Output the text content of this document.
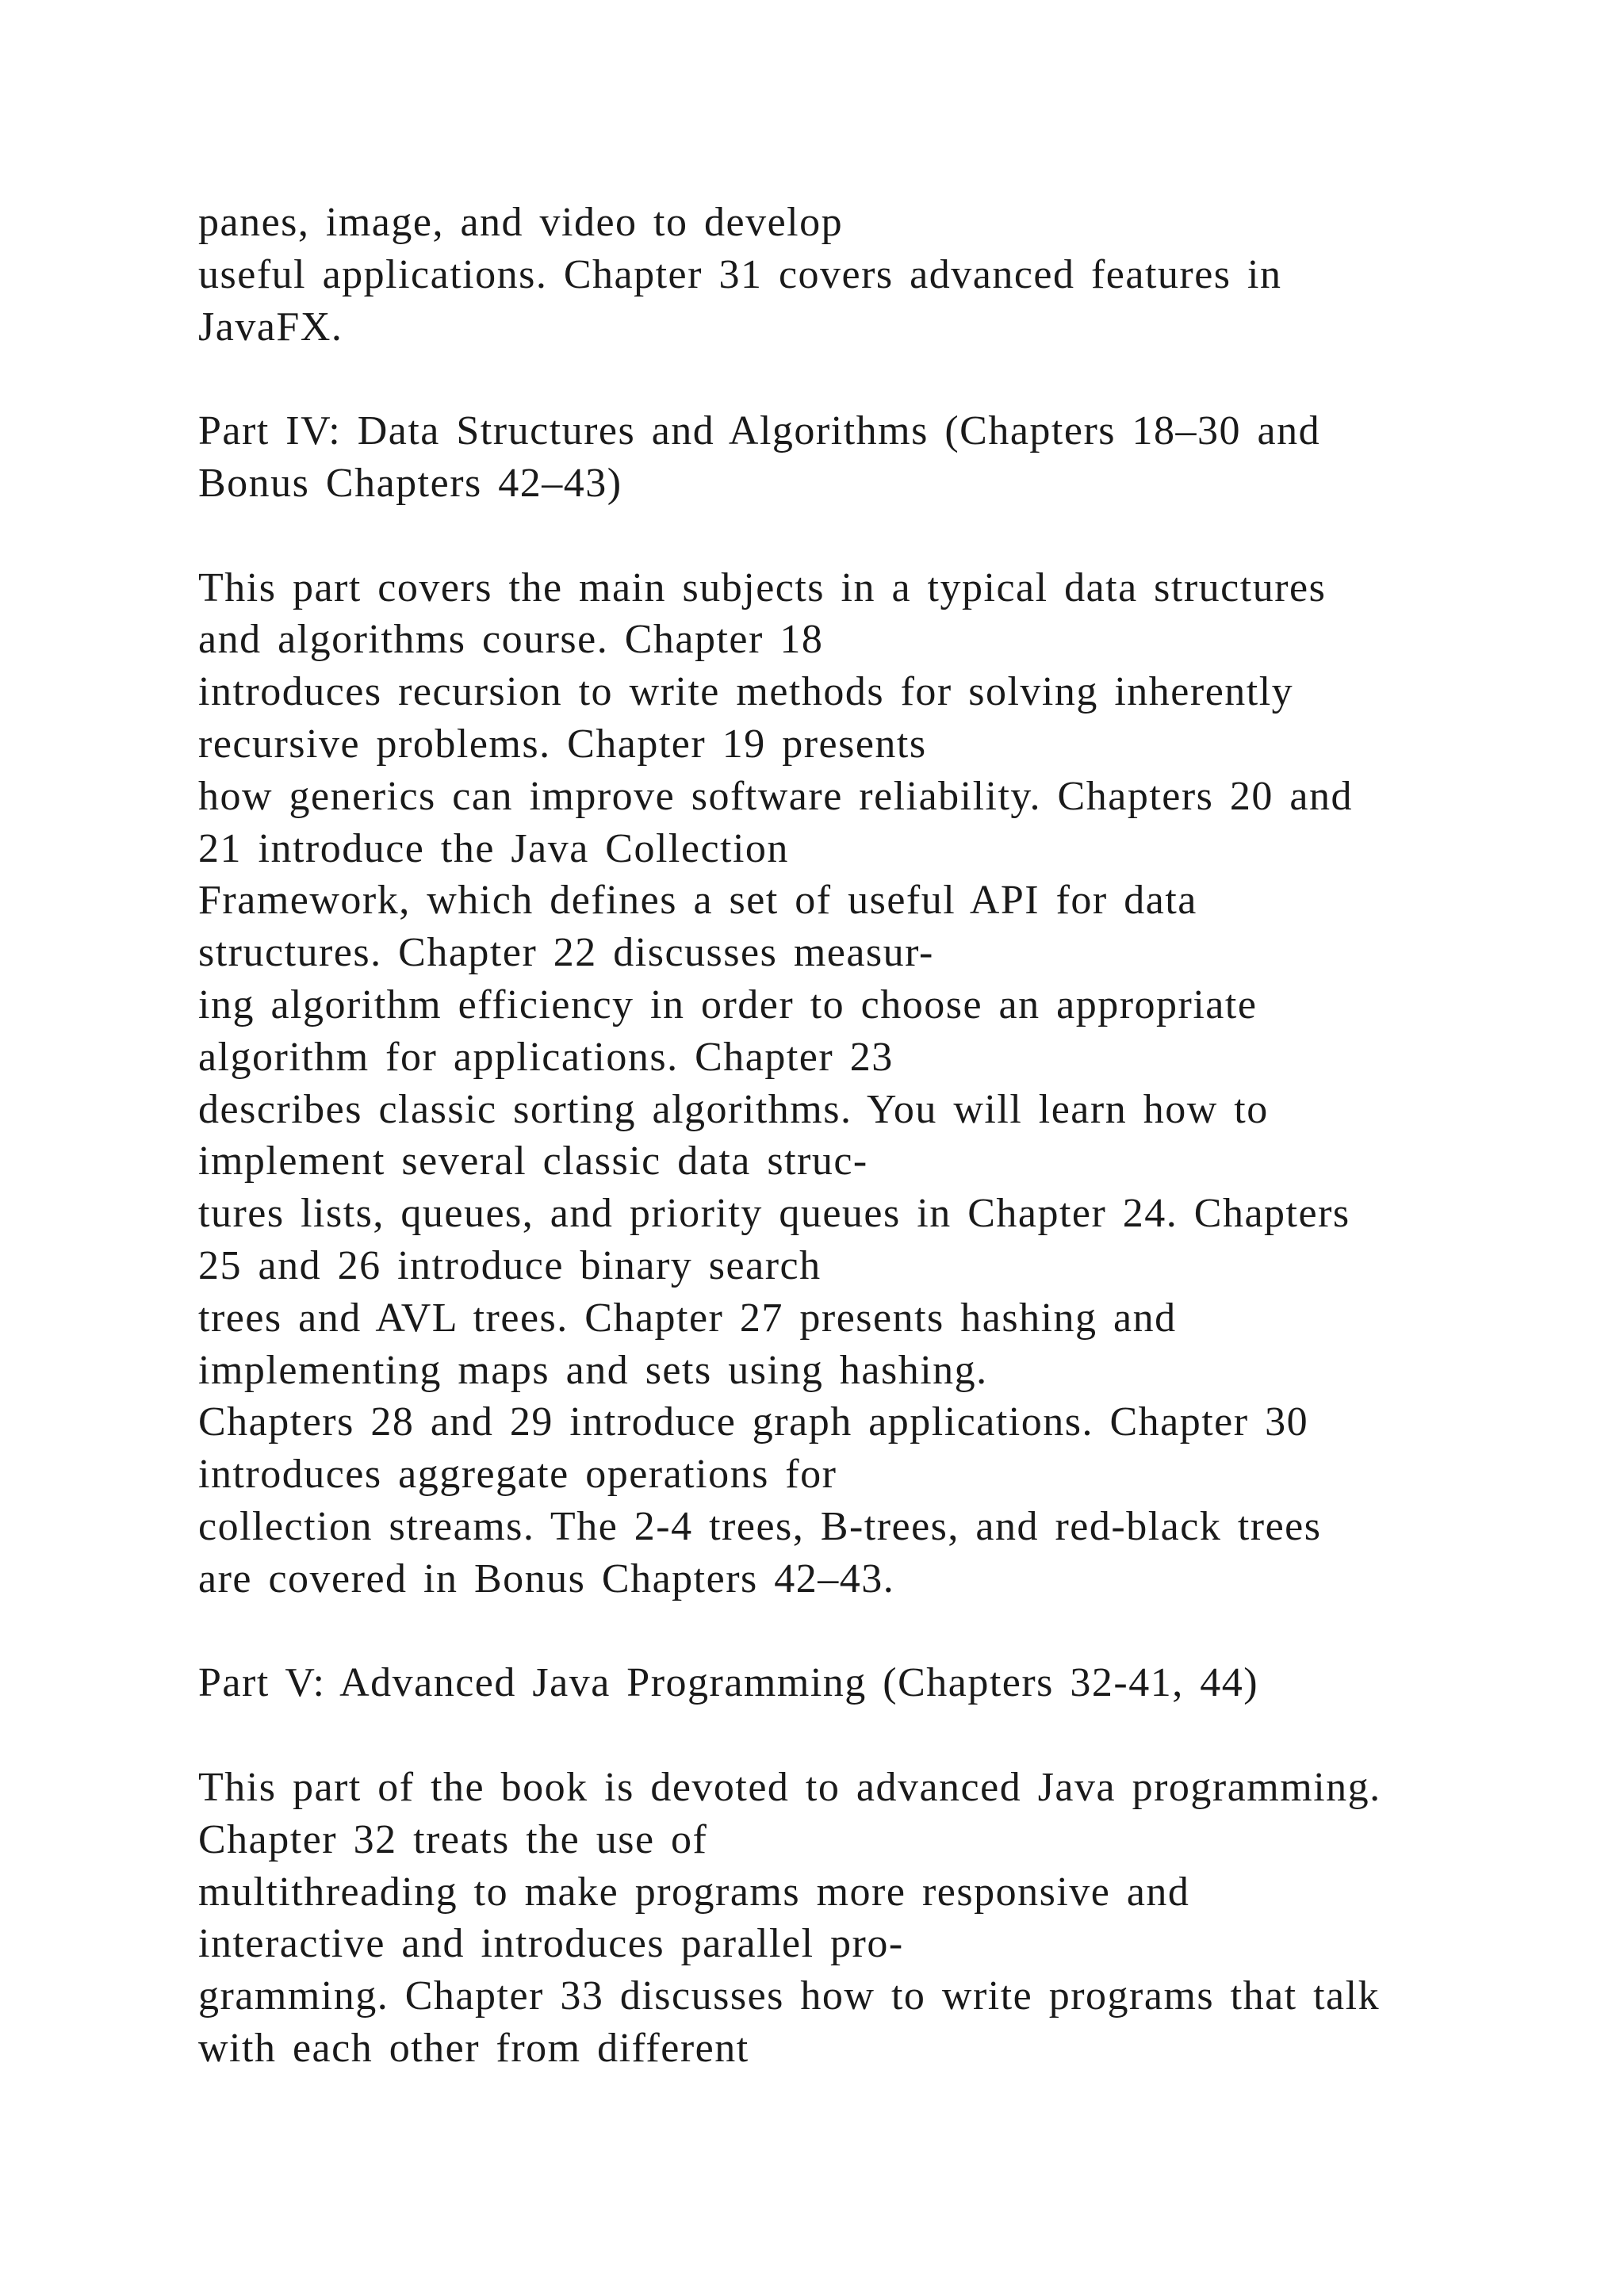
panes, image, and video to develop
useful applications. Chapter 31 covers advanced features in
JavaFX.
Part IV: Data Structures and Algorithms (Chapters 18–30 and
Bonus Chapters 42–43)
This part covers the main subjects in a typical data structures
and algorithms course. Chapter 18
introduces recursion to write methods for solving inherently
recursive problems. Chapter 19 presents
how generics can improve software reliability. Chapters 20 and
21 introduce the Java Collection
Framework, which defines a set of useful API for data
structures. Chapter 22 discusses measur-
ing algorithm efficiency in order to choose an appropriate
algorithm for applications. Chapter 23
describes classic sorting algorithms. You will learn how to
implement several classic data struc-
tures lists, queues, and priority queues in Chapter 24. Chapters
25 and 26 introduce binary search
trees and AVL trees. Chapter 27 presents hashing and
implementing maps and sets using hashing.
Chapters 28 and 29 introduce graph applications. Chapter 30
introduces aggregate operations for
collection streams. The 2-4 trees, B-trees, and red-black trees
are covered in Bonus Chapters 42–43.
Part V: Advanced Java Programming (Chapters 32-41, 44)
This part of the book is devoted to advanced Java programming.
Chapter 32 treats the use of
multithreading to make programs more responsive and
interactive and introduces parallel pro-
gramming. Chapter 33 discusses how to write programs that talk
with each other from different
